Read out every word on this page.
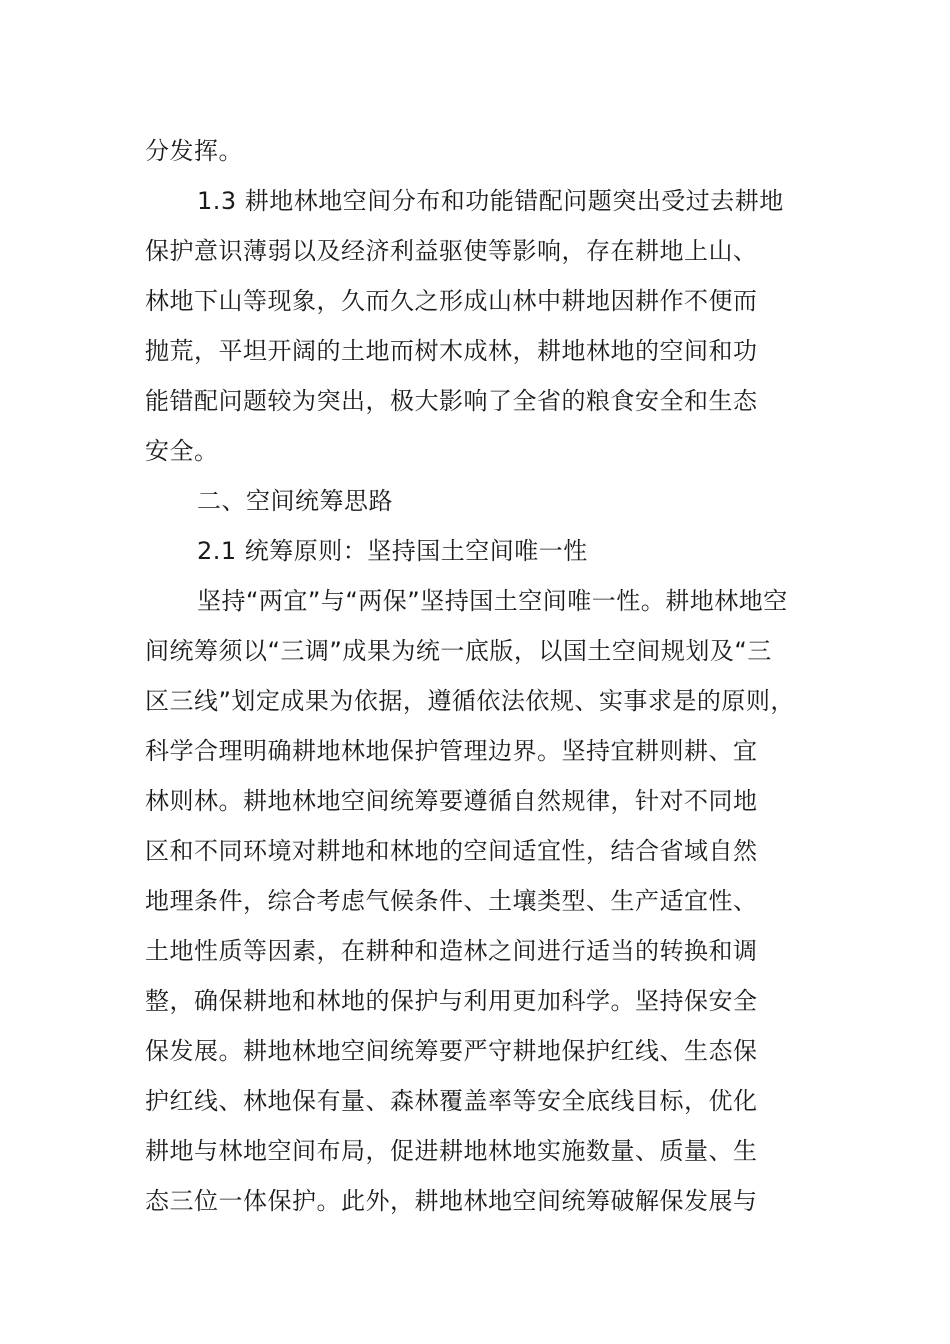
分发挥。
1.3 耕地林地空间分布和功能错配问题突出受过去耕地
保护意识薄弱以及经济利益驱使等影响，存在耕地上山、
林地下山等现象，久而久之形成山林中耕地因耕作不便而
抛荒，平坦开阔的土地而树木成林，耕地林地的空间和功
能错配问题较为突出，极大影响了全省的粮食安全和生态
安全。
二、空间统筹思路
2.1 统筹原则：坚持国土空间唯一性
坚持“两宜”与“两保”坚持国土空间唯一性。耕地林地空
间统筹须以“三调”成果为统一底版，以国土空间规划及“三
区三线”划定成果为依据，遵循依法依规、实事求是的原则，
科学合理明确耕地林地保护管理边界。坚持宜耕则耕、宜
林则林。耕地林地空间统筹要遵循自然规律，针对不同地
区和不同环境对耕地和林地的空间适宜性，结合省域自然
地理条件，综合考虑气候条件、土壤类型、生产适宜性、
土地性质等因素，在耕种和造林之间进行适当的转换和调
整，确保耕地和林地的保护与利用更加科学。坚持保安全
保发展。耕地林地空间统筹要严守耕地保护红线、生态保
护红线、林地保有量、森林覆盖率等安全底线目标，优化
耕地与林地空间布局，促进耕地林地实施数量、质量、生
态三位一体保护。此外，耕地林地空间统筹破解保发展与
